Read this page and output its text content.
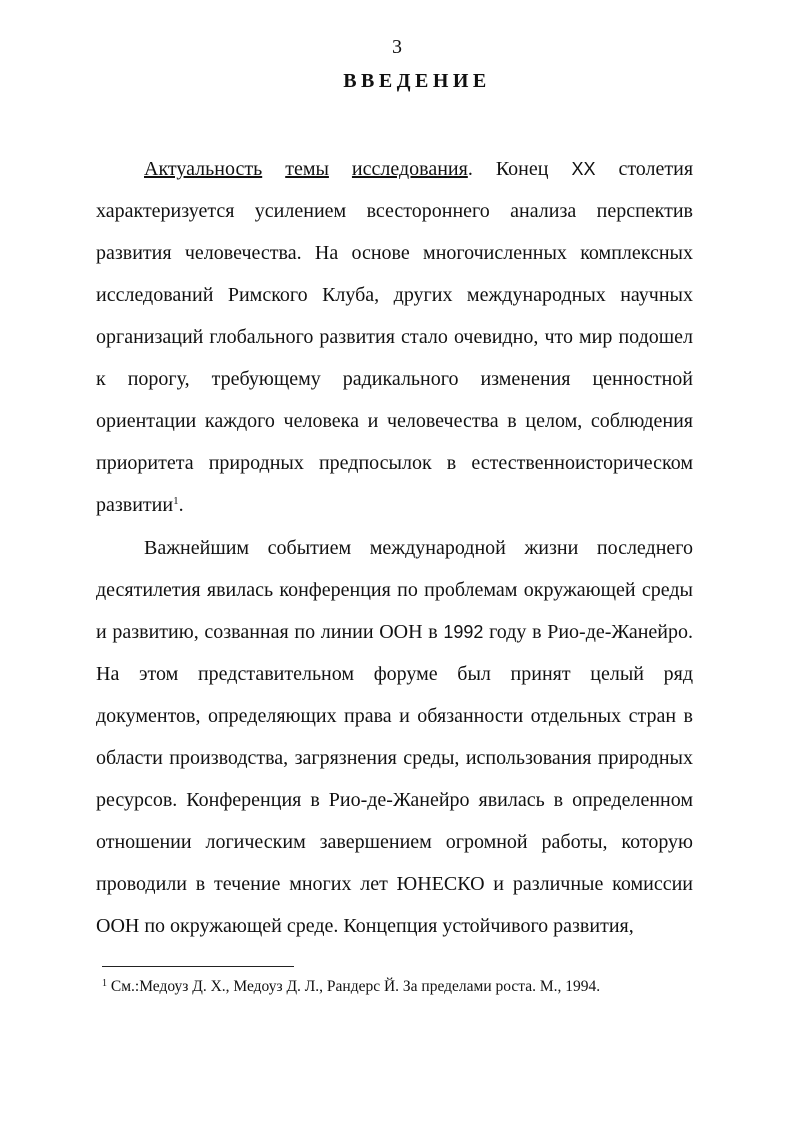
3
ВВЕДЕНИЕ

Актуальность темы исследования. Конец XX столетия характеризуется усилением всестороннего анализа перспектив развития человечества. На основе многочисленных комплексных исследований Римского Клуба, других международных научных организаций глобального развития стало очевидно, что мир подошел к порогу, требующему радикального изменения ценностной ориентации каждого человека и человечества в целом, соблюдения приоритета природных предпосылок в естественноисторическом развитии$^1$.

Важнейшим событием международной жизни последнего десятилетия явилась конференция по проблемам окружающей среды и развитию, созванная по линии ООН в 1992 году в Рио-де-Жанейро. На этом представительном форуме был принят целый ряд документов, определяющих права и обязанности отдельных стран в области производства, загрязнения среды, использования природных ресурсов. Конференция в Рио-де-Жанейро явилась в определенном отношении логическим завершением огромной работы, которую проводили в течение многих лет ЮНЕСКО и различные комиссии ООН по окружающей среде. Концепция устойчивого развития,

$^1$ См.:Медоуз Д. Х., Медоуз Д. Л., Рандерс Й. За пределами роста. М., 1994.
